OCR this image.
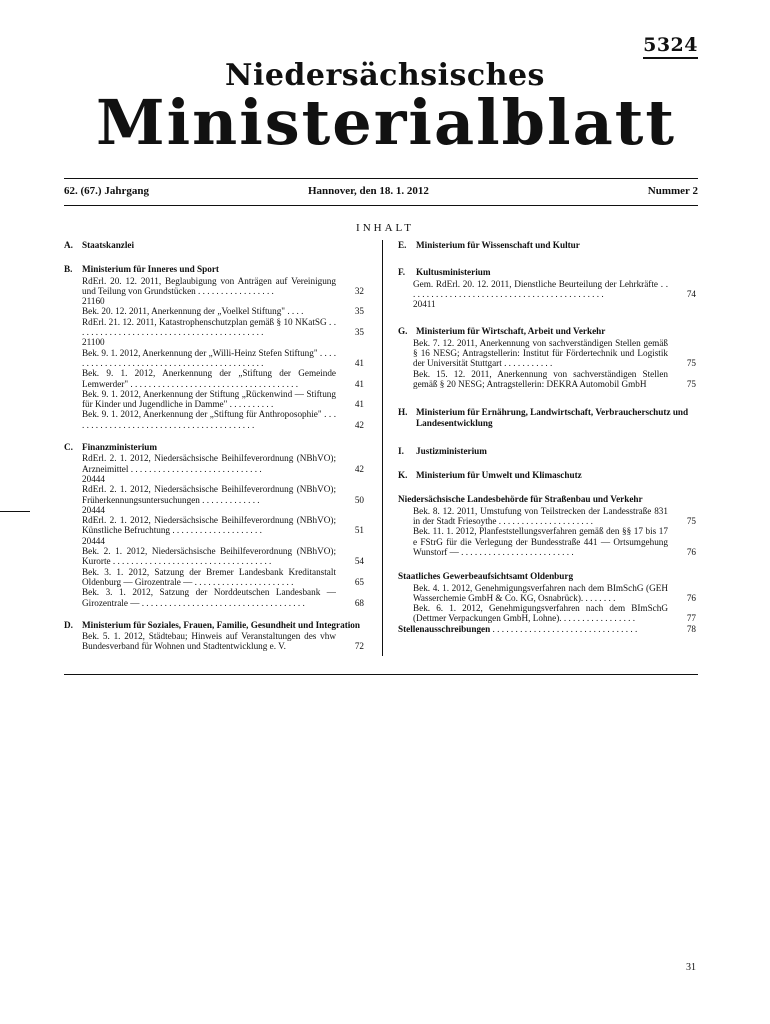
5324
Niedersächsisches
Ministerialblatt
62. (67.) Jahrgang	Hannover, den 18. 1. 2012	Nummer 2
INHALT
A. Staatskanzlei
B. Ministerium für Inneres und Sport
RdErl. 20. 12. 2011, Beglaubigung von Anträgen auf Vereinigung und Teilung von Grundstücken . . . . . . . . . . . . . . . . .	32
21160
Bek. 20. 12. 2011, Anerkennung der „Voelkel Stiftung" . . . .	35
RdErl. 21. 12. 2011, Katastrophenschutzplan gemäß § 10 NKatSG . . . . . . . . . . . . . . . . . . . . . . . . . . . . . . . . . . . . . . . . . .	35
21100
Bek. 9. 1. 2012, Anerkennung der „Willi-Heinz Stefen Stiftung" . . . . . . . . . . . . . . . . . . . . . . . . . . . . . . . . . . . . . . . . . . . .	41
Bek. 9. 1. 2012, Anerkennung der „Stiftung der Gemeinde Lemwerder" . . . . . . . . . . . . . . . . . . . . . . . . . . . . . . . . . . . . .	41
Bek. 9. 1. 2012, Anerkennung der Stiftung „Rückenwind — Stiftung für Kinder und Jugendliche in Damme" . . . . . . . . . .	41
Bek. 9. 1. 2012, Anerkennung der „Stiftung für Anthroposophie" . . . . . . . . . . . . . . . . . . . . . . . . . . . . . . . . . . . . . . . . .	42
C. Finanzministerium
RdErl. 2. 1. 2012, Niedersächsische Beihilfeverordnung (NBhVO); Arzneimittel . . . . . . . . . . . . . . . . . . . . . . . . . . . . .	42
20444
RdErl. 2. 1. 2012, Niedersächsische Beihilfeverordnung (NBhVO); Früherkennungsuntersuchungen . . . . . . . . . . . . .	50
20444
RdErl. 2. 1. 2012, Niedersächsische Beihilfeverordnung (NBhVO); Künstliche Befruchtung . . . . . . . . . . . . . . . . . . . .	51
20444
Bek. 2. 1. 2012, Niedersächsische Beihilfeverordnung (NBhVO); Kurorte . . . . . . . . . . . . . . . . . . . . . . . . . . . . . . . . . . .	54
Bek. 3. 1. 2012, Satzung der Bremer Landesbank Kreditanstalt Oldenburg — Girozentrale — . . . . . . . . . . . . . . . . . . . . . .	65
Bek. 3. 1. 2012, Satzung der Norddeutschen Landesbank — Girozentrale — . . . . . . . . . . . . . . . . . . . . . . . . . . . . . . . . . . . .	68
D. Ministerium für Soziales, Frauen, Familie, Gesundheit und Integration
Bek. 5. 1. 2012, Städtebau; Hinweis auf Veranstaltungen des vhw Bundesverband für Wohnen und Stadtentwicklung e. V.	72
E. Ministerium für Wissenschaft und Kultur
F. Kultusministerium
Gem. RdErl. 20. 12. 2011, Dienstliche Beurteilung der Lehrkräfte . . . . . . . . . . . . . . . . . . . . . . . . . . . . . . . . . . . . . . . . . . . .	74
20411
G. Ministerium für Wirtschaft, Arbeit und Verkehr
Bek. 7. 12. 2011, Anerkennung von sachverständigen Stellen gemäß § 16 NESG; Antragstellerin: Institut für Fördertechnik und Logistik der Universität Stuttgart . . . . . . . . . . .	75
Bek. 15. 12. 2011, Anerkennung von sachverständigen Stellen gemäß § 20 NESG; Antragstellerin: DEKRA Automobil GmbH	75
H. Ministerium für Ernährung, Landwirtschaft, Verbraucherschutz und Landesentwicklung
I. Justizministerium
K. Ministerium für Umwelt und Klimaschutz
Niedersächsische Landesbehörde für Straßenbau und Verkehr
Bek. 8. 12. 2011, Umstufung von Teilstrecken der Landesstraße 831 in der Stadt Friesoythe . . . . . . . . . . . . . . . . . . . . .	75
Bek. 11. 1. 2012, Planfeststellungsverfahren gemäß den §§ 17 bis 17 e FStrG für die Verlegung der Bundesstraße 441 — Ortsumgehung Wunstorf — . . . . . . . . . . . . . . . . . . . . . . . . .	76
Staatliches Gewerbeaufsichtsamt Oldenburg
Bek. 4. 1. 2012, Genehmigungsverfahren nach dem BImSchG (GEH Wasserchemie GmbH & Co. KG, Osnabrück). . . . . . . .	76
Bek. 6. 1. 2012, Genehmigungsverfahren nach dem BImSchG (Dettmer Verpackungen GmbH, Lohne). . . . . . . . . . . . . . . . .	77
Stellenausschreibungen . . . . . . . . . . . . . . . . . . . . . . . . . . . . . . . .	78
31
